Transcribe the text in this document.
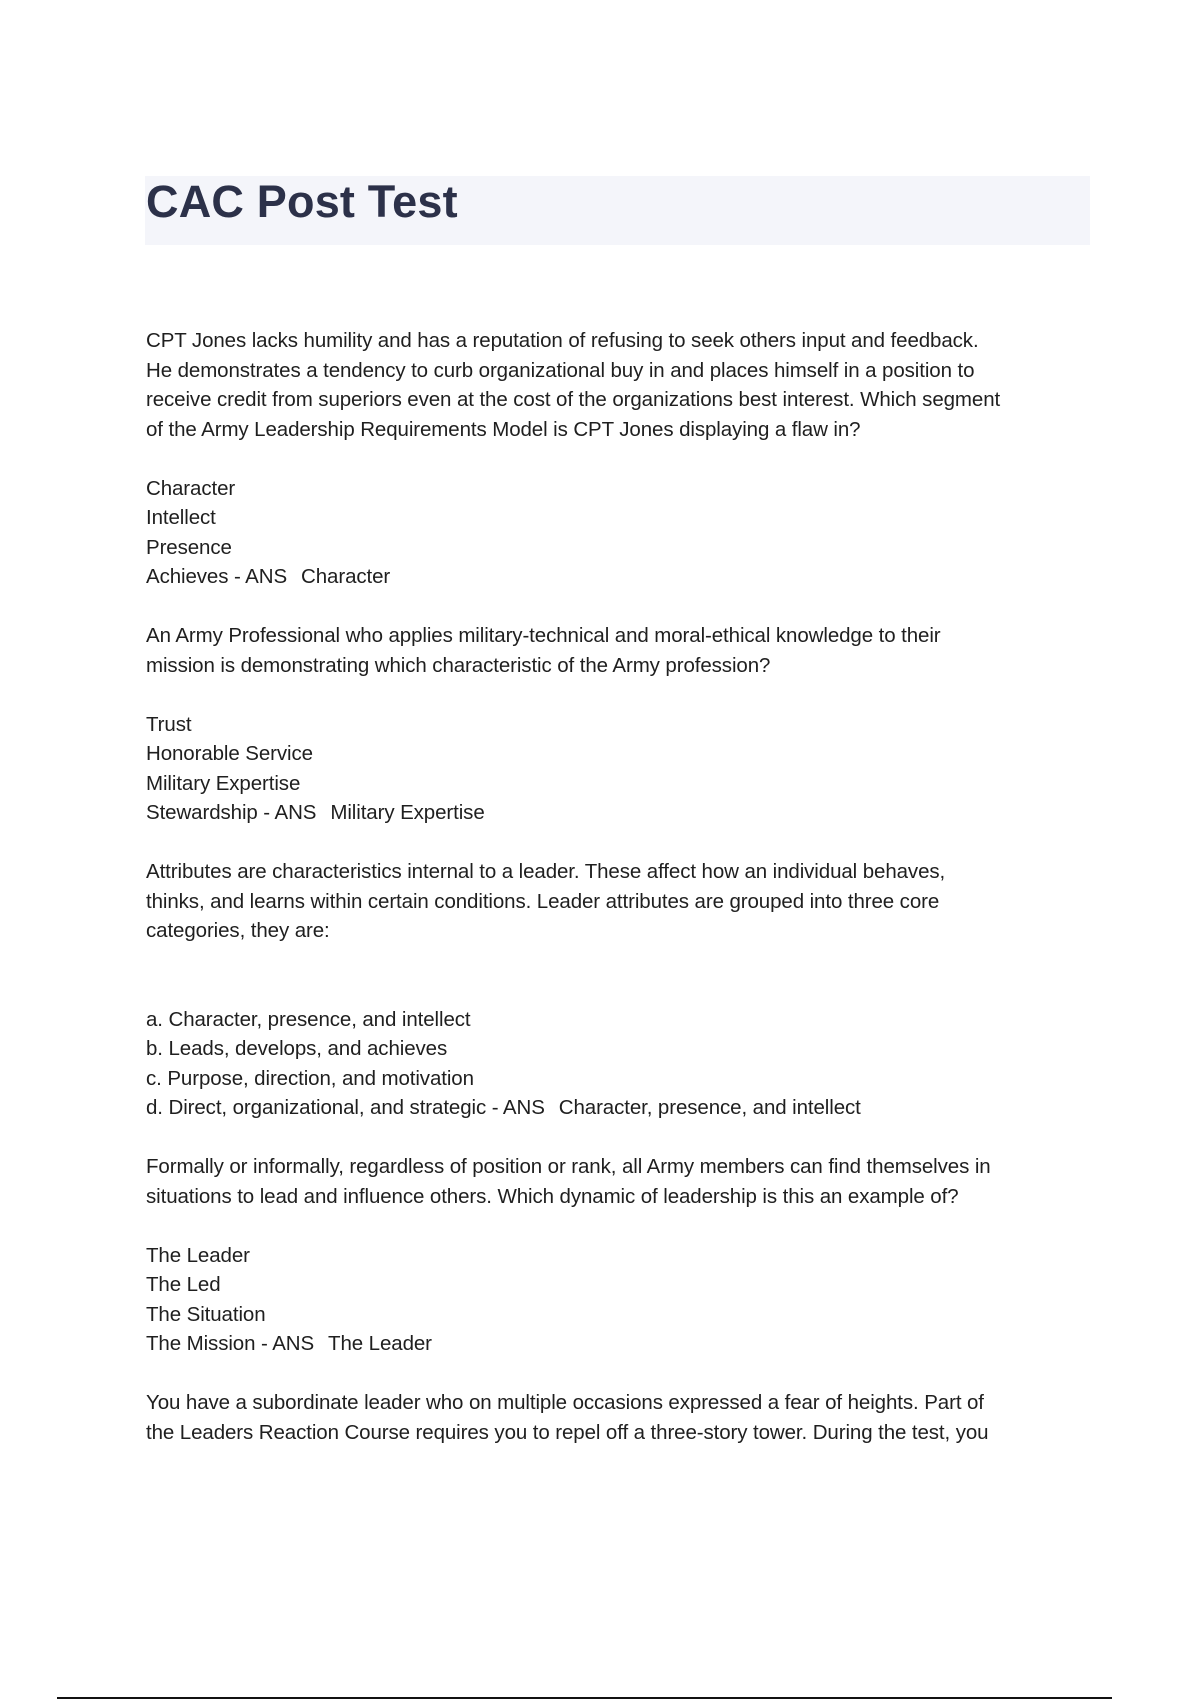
CAC Post Test
CPT Jones lacks humility and has a reputation of refusing to seek others input and feedback.
He demonstrates a tendency to curb organizational buy in and places himself in a position to
receive credit from superiors even at the cost of the organizations best interest. Which segment
of the Army Leadership Requirements Model is CPT Jones displaying a flaw in?
Character
Intellect
Presence
Achieves - ANS Character
An Army Professional who applies military-technical and moral-ethical knowledge to their
mission is demonstrating which characteristic of the Army profession?
Trust
Honorable Service
Military Expertise
Stewardship - ANS Military Expertise
Attributes are characteristics internal to a leader. These affect how an individual behaves,
thinks, and learns within certain conditions. Leader attributes are grouped into three core
categories, they are:
a. Character, presence, and intellect
b. Leads, develops, and achieves
c. Purpose, direction, and motivation
d. Direct, organizational, and strategic - ANS Character, presence, and intellect
Formally or informally, regardless of position or rank, all Army members can find themselves in
situations to lead and influence others. Which dynamic of leadership is this an example of?
The Leader
The Led
The Situation
The Mission - ANS The Leader
You have a subordinate leader who on multiple occasions expressed a fear of heights. Part of
the Leaders Reaction Course requires you to repel off a three-story tower. During the test, you
